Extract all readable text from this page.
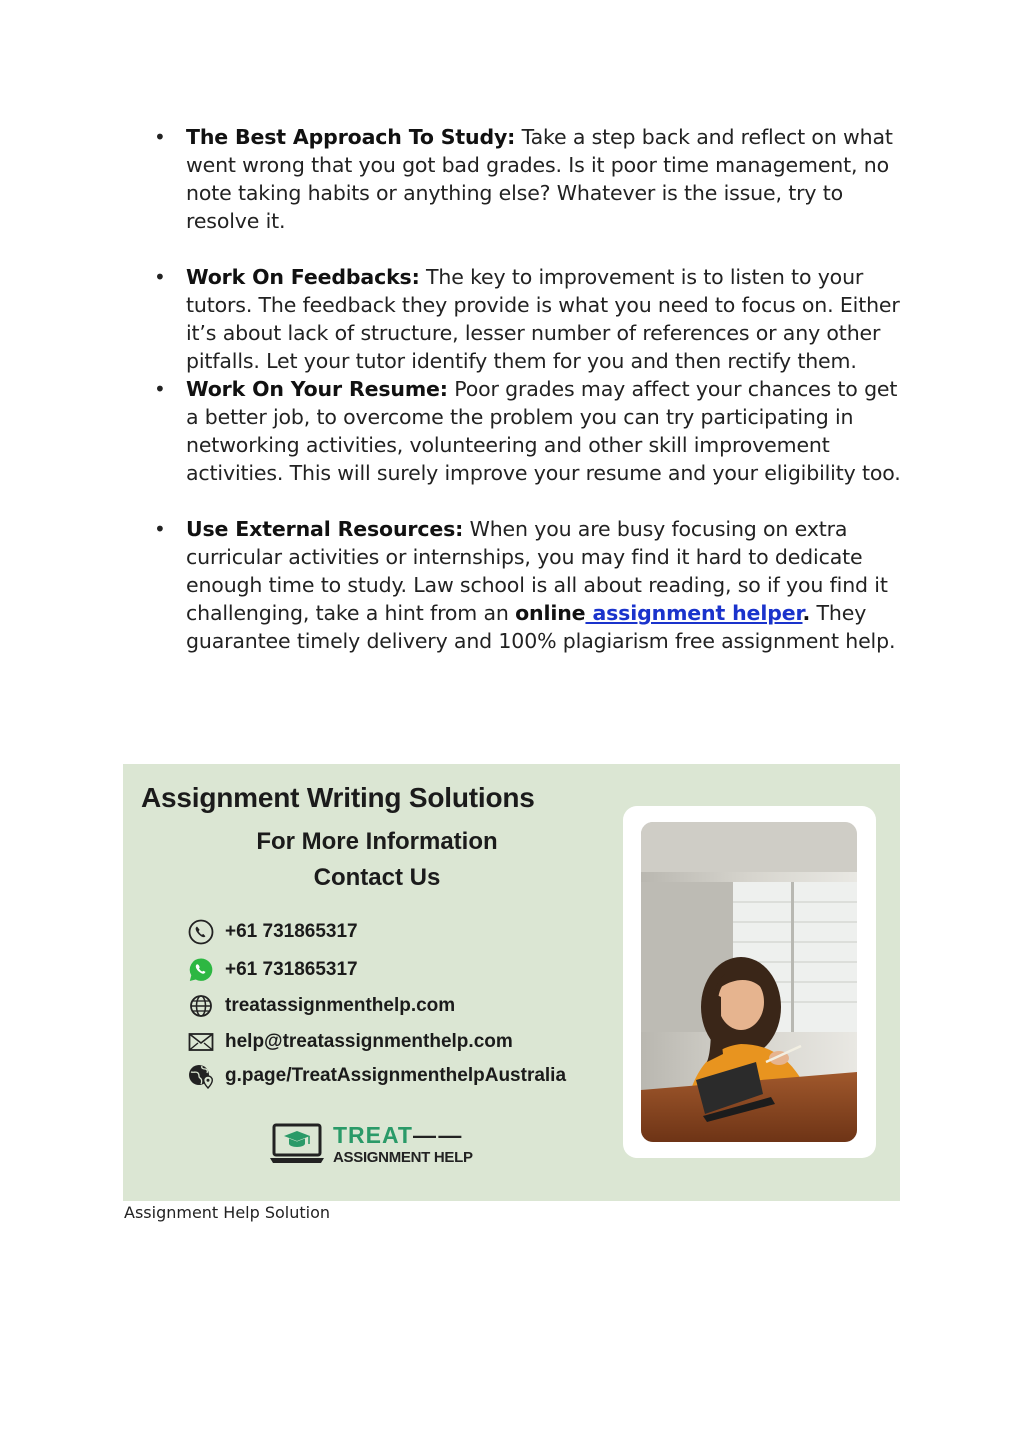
• The Best Approach To Study: Take a step back and reflect on what went wrong that you got bad grades. Is it poor time management, no note taking habits or anything else? Whatever is the issue, try to resolve it.
• Work On Feedbacks: The key to improvement is to listen to your tutors. The feedback they provide is what you need to focus on. Either it’s about lack of structure, lesser number of references or any other pitfalls. Let your tutor identify them for you and then rectify them.
• Work On Your Resume: Poor grades may affect your chances to get a better job, to overcome the problem you can try participating in networking activities, volunteering and other skill improvement activities. This will surely improve your resume and your eligibility too.
• Use External Resources: When you are busy focusing on extra curricular activities or internships, you may find it hard to dedicate enough time to study. Law school is all about reading, so if you find it challenging, take a hint from an online assignment helper. They guarantee timely delivery and 100% plagiarism free assignment help.
Assignment Writing Solutions
For More Information
Contact Us
+61 731865317
+61 731865317
treatassignmenthelp.com
help@treatassignmenthelp.com
g.page/TreatAssignmenthelpAustralia
TREAT— —
ASSIGNMENT HELP
Assignment Help Solution
